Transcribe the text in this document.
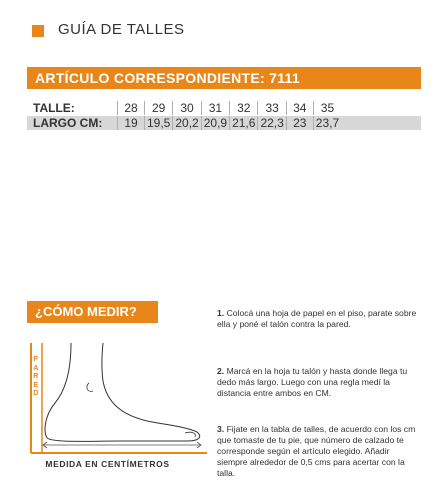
GUÍA DE TALLES
ARTÍCULO CORRESPONDIENTE: 7111
TALLE:	28	29	30	31	32	33	34	35	
LARGO CM:	19	19,5	20,2	20,9	21,6	22,3	23	23,7	
¿CÓMO MEDIR?
P
A
R
E
D
MEDIDA EN CENTÍMETROS
1. Colocá una hoja de papel en el piso, parate sobre ella y poné el talón contra la pared.
2. Marcá en la hoja tu talón y hasta donde llega tu dedo más largo. Luego con una regla medí la distancia entre ambos en CM.
3. Fijate en la tabla de talles, de acuerdo con los cm que tomaste de tu pie, que número de calzado te corresponde según el artículo elegido. Añadir siempre alrededor de 0,5 cms para acertar con la talla.
